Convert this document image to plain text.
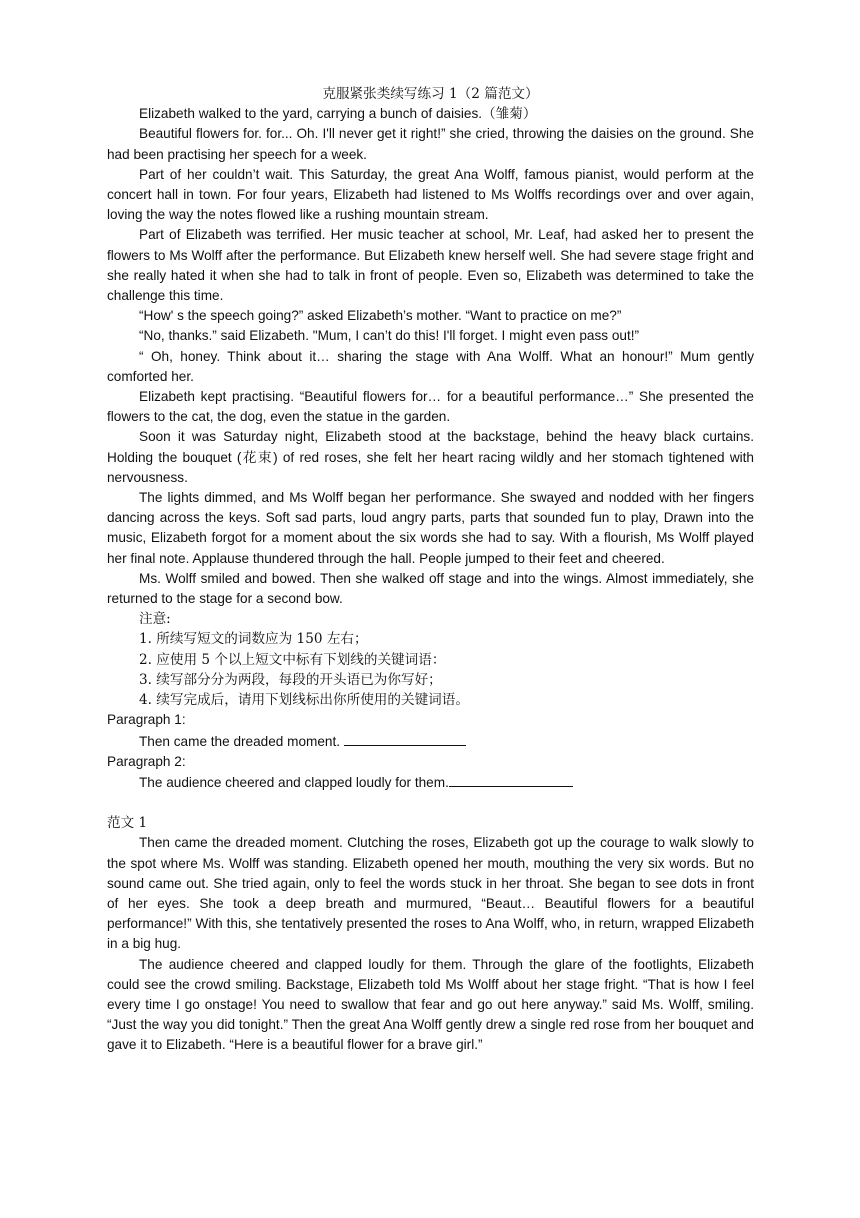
克服紧张类续写练习 1（2 篇范文）

Elizabeth walked to the yard, carrying a bunch of daisies.（雏菊）

Beautiful flowers for. for... Oh. I'll never get it right!” she cried, throwing the daisies on the ground. She had been practising her speech for a week.

Part of her couldn’t wait. This Saturday, the great Ana Wolff, famous pianist, would perform at the concert hall in town. For four years, Elizabeth had listened to Ms Wolffs recordings over and over again, loving the way the notes flowed like a rushing mountain stream.

Part of Elizabeth was terrified. Her music teacher at school, Mr. Leaf, had asked her to present the flowers to Ms Wolff after the performance. But Elizabeth knew herself well. She had severe stage fright and she really hated it when she had to talk in front of people. Even so, Elizabeth was determined to take the challenge this time.

“How' s the speech going?” asked Elizabeth’s mother. “Want to practice on me?”

“No, thanks.” said Elizabeth. "Mum, I can’t do this! I'll forget. I might even pass out!”

“ Oh, honey. Think about it… sharing the stage with Ana Wolff. What an honour!” Mum gently comforted her.

Elizabeth kept practising. “Beautiful flowers for… for a beautiful performance…” She presented the flowers to the cat, the dog, even the statue in the garden.

Soon it was Saturday night, Elizabeth stood at the backstage, behind the heavy black curtains. Holding the bouquet (花束) of red roses, she felt her heart racing wildly and her stomach tightened with nervousness.

The lights dimmed, and Ms Wolff began her performance. She swayed and nodded with her fingers dancing across the keys. Soft sad parts, loud angry parts, parts that sounded fun to play, Drawn into the music, Elizabeth forgot for a moment about the six words she had to say. With a flourish, Ms Wolff played her final note. Applause thundered through the hall. People jumped to their feet and cheered.

Ms. Wolff smiled and bowed. Then she walked off stage and into the wings. Almost immediately, she returned to the stage for a second bow.

注意:

1. 所续写短文的词数应为 150 左右；

2. 应使用 5 个以上短文中标有下划线的关键词语：

3. 续写部分分为两段，每段的开头语已为你写好；

4. 续写完成后，请用下划线标出你所使用的关键词语。

Paragraph 1:

Then came the dreaded moment.

Paragraph 2:

The audience cheered and clapped loudly for them.

范文 1

Then came the dreaded moment. Clutching the roses, Elizabeth got up the courage to walk slowly to the spot where Ms. Wolff was standing. Elizabeth opened her mouth, mouthing the very six words. But no sound came out. She tried again, only to feel the words stuck in her throat. She began to see dots in front of her eyes. She took a deep breath and murmured, “Beaut… Beautiful flowers for a beautiful performance!” With this, she tentatively presented the roses to Ana Wolff, who, in return, wrapped Elizabeth in a big hug.

The audience cheered and clapped loudly for them. Through the glare of the footlights, Elizabeth could see the crowd smiling. Backstage, Elizabeth told Ms Wolff about her stage fright. “That is how I feel every time I go onstage! You need to swallow that fear and go out here anyway.” said Ms. Wolff, smiling. “Just the way you did tonight.” Then the great Ana Wolff gently drew a single red rose from her bouquet and gave it to Elizabeth. “Here is a beautiful flower for a brave girl.”
